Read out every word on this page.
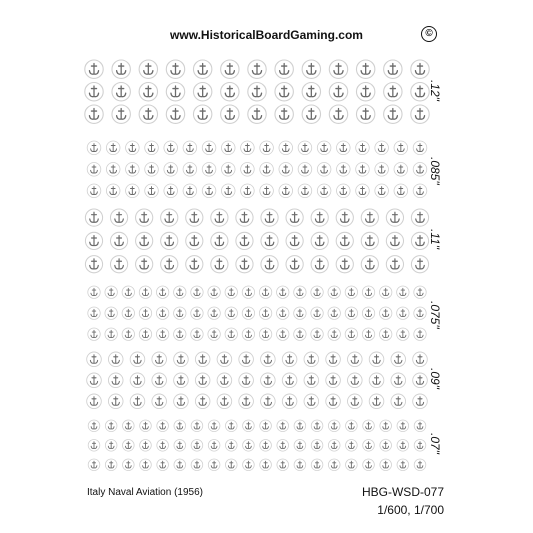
www.HistoricalBoardGaming.com	©
.12"
.085"
.11"
.075"
.09"
.07"
Italy Naval Aviation (1956)	HBG-WSD-077
1/600, 1/700
